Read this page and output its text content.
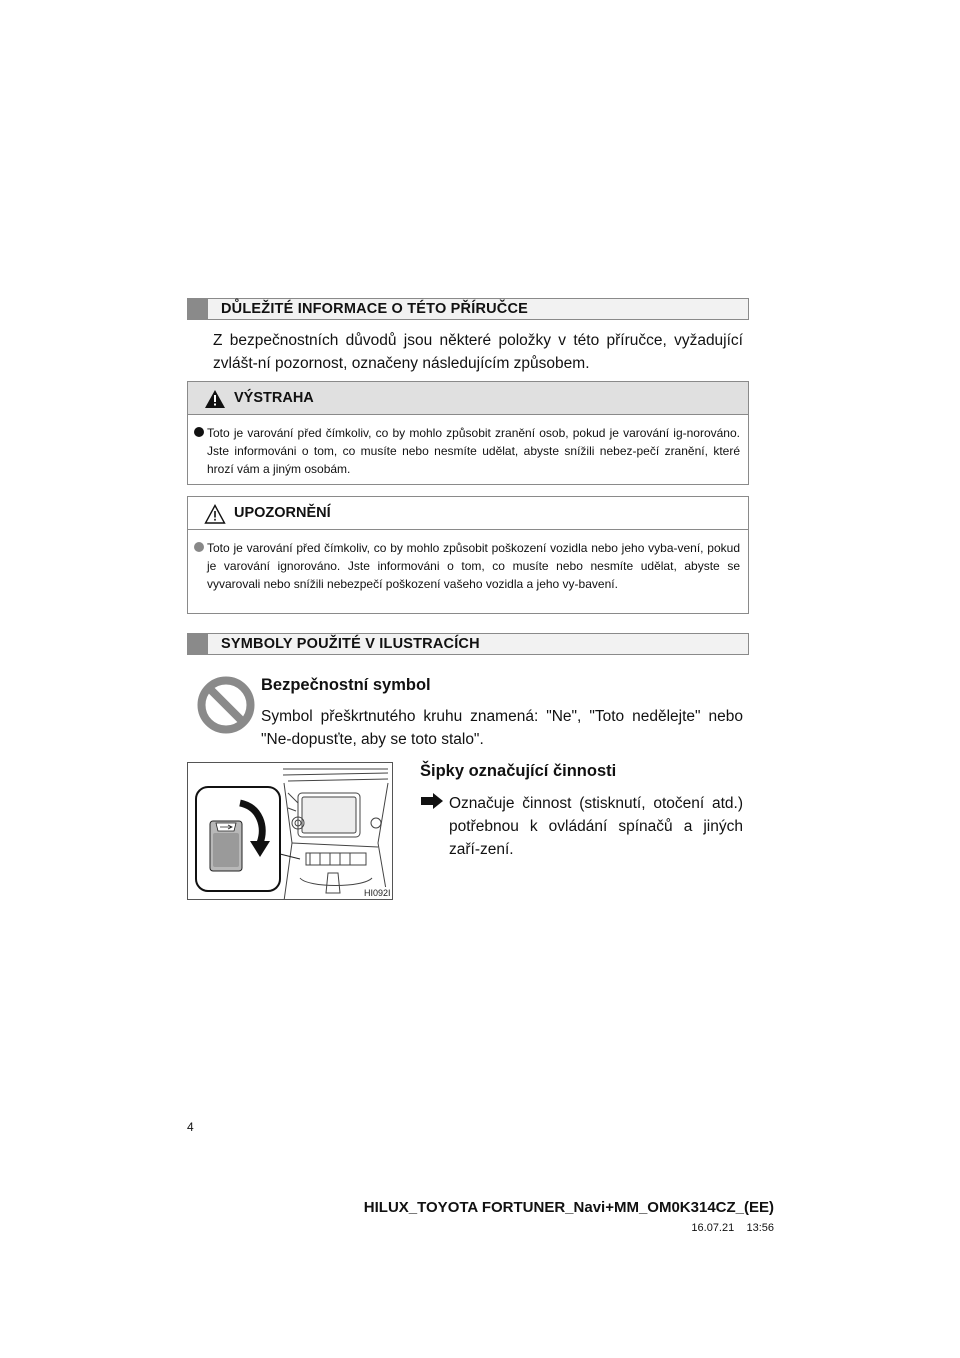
DŮLEŽITÉ INFORMACE O TÉTO PŘÍRUČCE
Z bezpečnostních důvodů jsou některé položky v této příručce, vyžadující zvlášt-ní pozornost, označeny následujícím způsobem.
VÝSTRAHA

Toto je varování před čímkoliv, co by mohlo způsobit zranění osob, pokud je varování ig-norováno. Jste informováni o tom, co musíte nebo nesmíte udělat, abyste snížili nebez-pečí zranění, které hrozí vám a jiným osobám.

UPOZORNĚNÍ

Toto je varování před čímkoliv, co by mohlo způsobit poškození vozidla nebo jeho vyba-vení, pokud je varování ignorováno. Jste informováni o tom, co musíte nebo nesmíte udělat, abyste se vyvarovali nebo snížili nebezpečí poškození vašeho vozidla a jeho vy-bavení.

SYMBOLY POUŽITÉ V ILUSTRACÍCH
Bezpečnostní symbol
Symbol přeškrtnutého kruhu znamená: "Ne", "Toto nedělejte" nebo "Ne-dopusťte, aby se toto stalo".
HI092I
Šipky označující činnosti
Označuje činnost (stisknutí, otočení atd.) potřebnou k ovládání spínačů a jiných zaří-zení.
4
HILUX_TOYOTA FORTUNER_Navi+MM_OM0K314CZ_(EE)
16.07.21 13:56
